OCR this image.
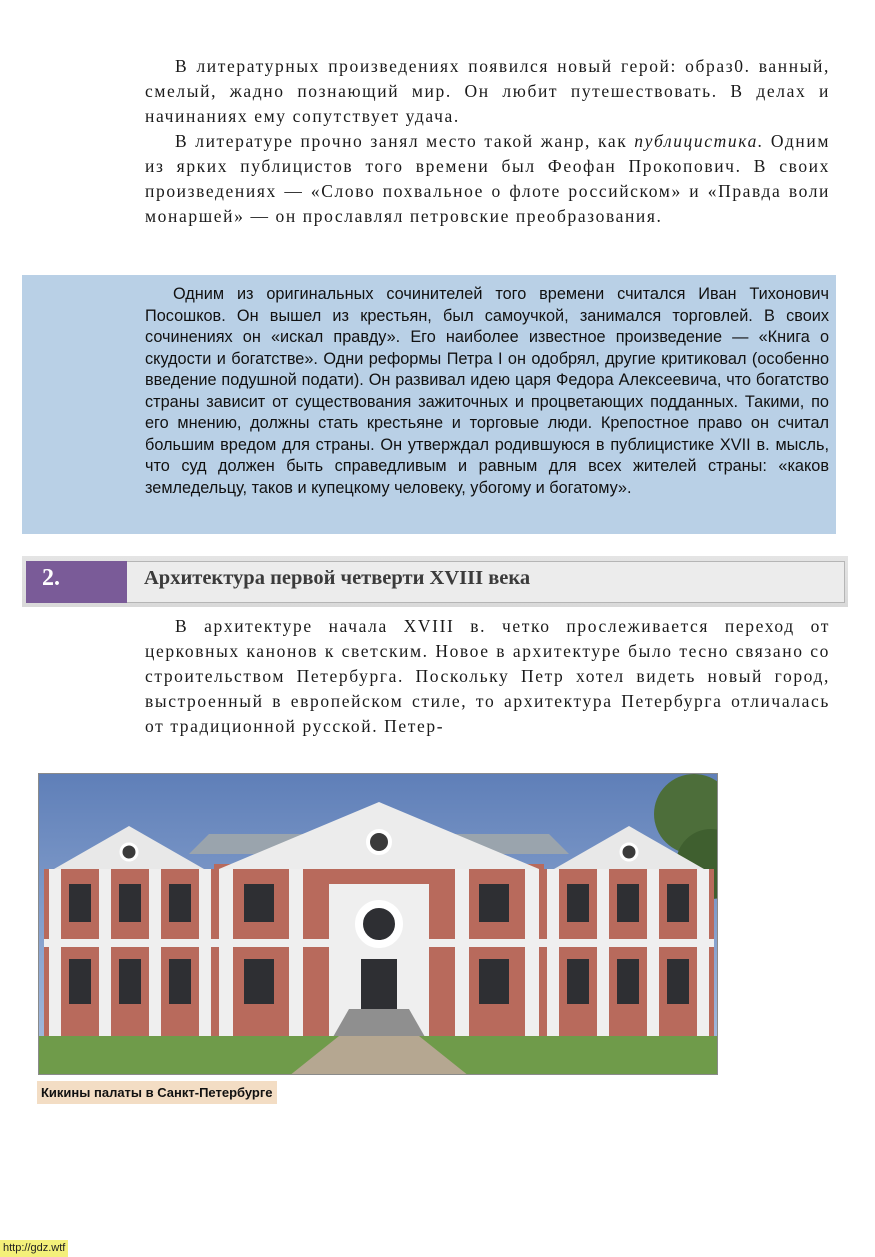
В литературных произведениях появился новый герой: образ0. ванный, смелый, жадно познающий мир. Он любит путешествовать. В делах и начинаниях ему сопутствует удача.

В литературе прочно занял место такой жанр, как публицистика. Одним из ярких публицистов того времени был Феофан Прокопович. В своих произведениях — «Слово похвальное о флоте российском» и «Правда воли монаршей» — он прославлял петровские преобразования.

Одним из оригинальных сочинителей того времени считался Иван Тихонович Посошков. Он вышел из крестьян, был самоучкой, занимался торговлей. В своих сочинениях он «искал правду». Его наиболее известное произведение — «Книга о скудости и богатстве». Одни реформы Петра I он одобрял, другие критиковал (особенно введение подушной подати). Он развивал идею царя Федора Алексеевича, что богатство страны зависит от существования зажиточных и процветающих подданных. Такими, по его мнению, должны стать крестьяне и торговые люди. Крепостное право он считал большим вредом для страны. Он утверждал родившуюся в публицистике XVII в. мысль, что суд должен быть справедливым и равным для всех жителей страны: «каков земледельцу, таков и купецкому человеку, убогому и богатому».

2.	Архитектура первой четверти XVIII века

В архитектуре начала XVIII в. четко прослеживается переход от церковных канонов к светским. Новое в архитектуре было тесно связано со строительством Петербурга. Поскольку Петр хотел видеть новый город, выстроенный в европейском стиле, то архитектура Петербурга отличалась от традиционной русской. Петер-

Кикины палаты в Санкт-Петербурге
http://gdz.wtf
